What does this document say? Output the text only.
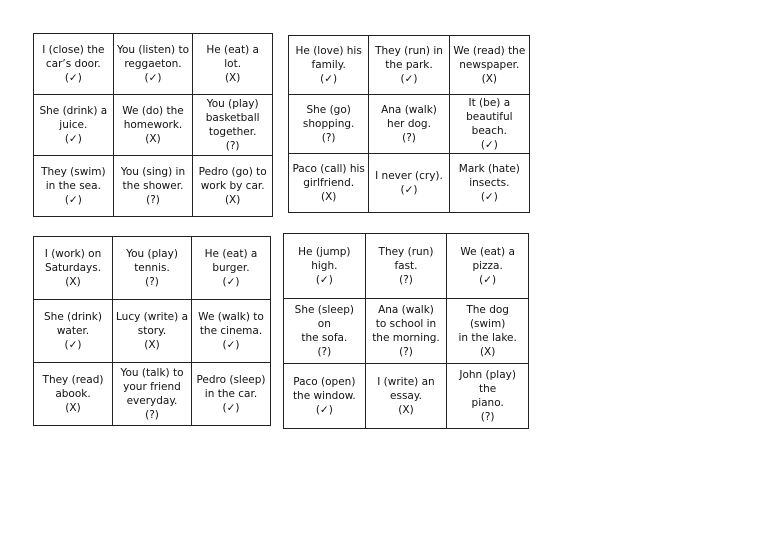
I (close) the
car’s door.
(✓)	You (listen) to
reggaeton.
(✓)	He (eat) a lot.
(X)

She (drink) a
juice.
(✓)	We (do) the
homework.
(X)	You (play)
basketball
together.
(?)

They (swim)
in the sea.
(✓)	You (sing) in
the shower.
(?)	Pedro (go) to
work by car.
(X)
He (love) his
family.
(✓)	They (run) in
the park.
(✓)	We (read) the
newspaper.
(X)

She (go)
shopping.
(?)	Ana (walk)
her dog.
(?)	It (be) a
beautiful
beach.
(✓)

Paco (call) his
girlfriend.
(X)	I never (cry).
(✓)	Mark (hate)
insects.
(✓)
I (work) on
Saturdays.
(X)	You (play)
tennis.
(?)	He (eat) a
burger.
(✓)

She (drink)
water.
(✓)	Lucy (write) a
story.
(X)	We (walk) to
the cinema.
(✓)

They (read)
abook.
(X)	You (talk) to
your friend
everyday.
(?)	Pedro (sleep)
in the car.
(✓)
He (jump)
high.
(✓)	They (run)
fast.
(?)	We (eat) a
pizza.
(✓)

She (sleep) on
the sofa.
(?)	Ana (walk)
to school in
the morning.
(?)	The dog (swim)
in the lake.
(X)

Paco (open)
the window.
(✓)	I (write) an
essay.
(X)	John (play) the
piano.
(?)
